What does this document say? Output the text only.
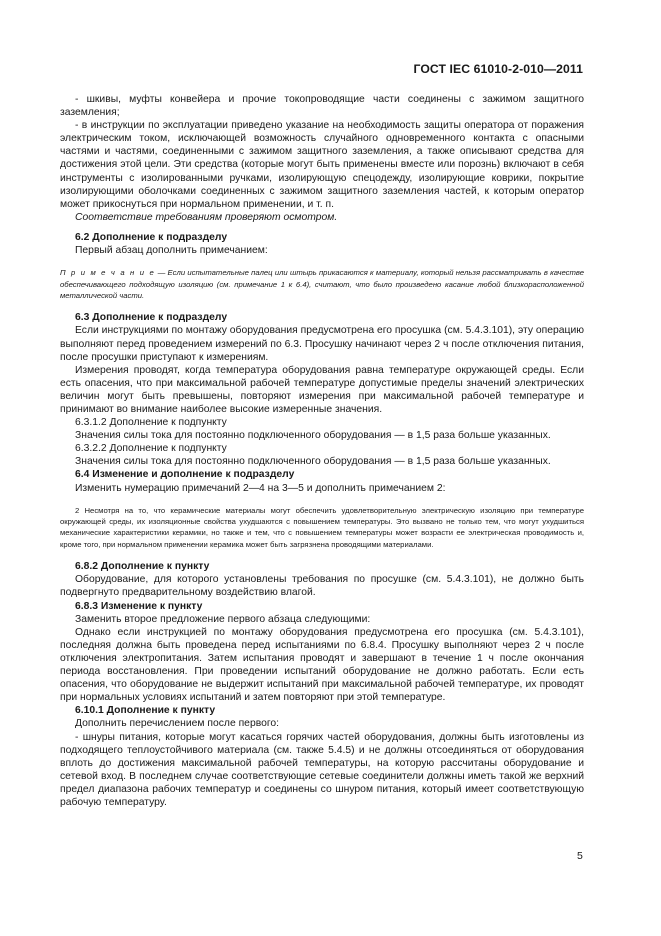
ГОСТ IEC 61010-2-010—2011

- шкивы, муфты конвейера и прочие токопроводящие части соединены с зажимом защитного заземления;

- в инструкции по эксплуатации приведено указание на необходимость защиты оператора от поражения электрическим током, исключающей возможность случайного одновременного контакта с опасными частями и частями, соединенными с зажимом защитного заземления, а также описывают средства для достижения этой цели. Эти средства (которые могут быть применены вместе или порознь) включают в себя инструменты с изолированными ручками, изолирующую спецодежду, изолирующие коврики, покрытие изолирующими оболочками соединенных с зажимом защитного заземления частей, к которым оператор может прикоснуться при нормальном применении, и т. п.

Соответствие требованиям проверяют осмотром.

6.2 Дополнение к подразделу

Первый абзац дополнить примечанием:

П р и м е ч а н и е — Если испытательные палец или штырь прикасаются к материалу, который нельзя рассматривать в качестве обеспечивающего подходящую изоляцию (см. примечание 1 к 6.4), считают, что было произведено касание любой близкорасположенной металлической части.

6.3 Дополнение к подразделу

Если инструкциями по монтажу оборудования предусмотрена его просушка (см. 5.4.3.101), эту операцию выполняют перед проведением измерений по 6.3. Просушку начинают через 2 ч после отключения питания, после просушки приступают к измерениям.

Измерения проводят, когда температура оборудования равна температуре окружающей среды. Если есть опасения, что при максимальной рабочей температуре допустимые пределы значений электрических величин могут быть превышены, повторяют измерения при максимальной рабочей температуре и принимают во внимание наиболее высокие измеренные значения.

6.3.1.2 Дополнение к подпункту

Значения силы тока для постоянно подключенного оборудования — в 1,5 раза больше указанных.

6.3.2.2 Дополнение к подпункту

Значения силы тока для постоянно подключенного оборудования — в 1,5 раза больше указанных.

6.4 Изменение и дополнение к подразделу

Изменить нумерацию примечаний 2—4 на 3—5 и дополнить примечанием 2:

2 Несмотря на то, что керамические материалы могут обеспечить удовлетворительную электрическую изоляцию при температуре окружающей среды, их изоляционные свойства ухудшаются с повышением температуры. Это вызвано не только тем, что могут ухудшиться механические характеристики керамики, но также и тем, что с повышением температуры может возрасти ее электрическая проводимость и, кроме того, при нормальном применении керамика может быть загрязнена проводящими материалами.

6.8.2 Дополнение к пункту

Оборудование, для которого установлены требования по просушке (см. 5.4.3.101), не должно быть подвергнуто предварительному воздействию влагой.

6.8.3 Изменение к пункту

Заменить второе предложение первого абзаца следующими:

Однако если инструкцией по монтажу оборудования предусмотрена его просушка (см. 5.4.3.101), последняя должна быть проведена перед испытаниями по 6.8.4. Просушку выполняют через 2 ч после отключения электропитания. Затем испытания проводят и завершают в течение 1 ч после окончания периода восстановления. При проведении испытаний оборудование не должно работать. Если есть опасения, что оборудование не выдержит испытаний при максимальной рабочей температуре, их проводят при нормальных условиях испытаний и затем повторяют при этой температуре.

6.10.1 Дополнение к пункту

Дополнить перечислением после первого:

- шнуры питания, которые могут касаться горячих частей оборудования, должны быть изготовлены из подходящего теплоустойчивого материала (см. также 5.4.5) и не должны отсоединяться от оборудования вплоть до достижения максимальной рабочей температуры, на которую рассчитаны оборудование и сетевой вход. В последнем случае соответствующие сетевые соединители должны иметь такой же верхний предел диапазона рабочих температур и соединены со шнуром питания, который имеет соответствующую рабочую температуру.

5
